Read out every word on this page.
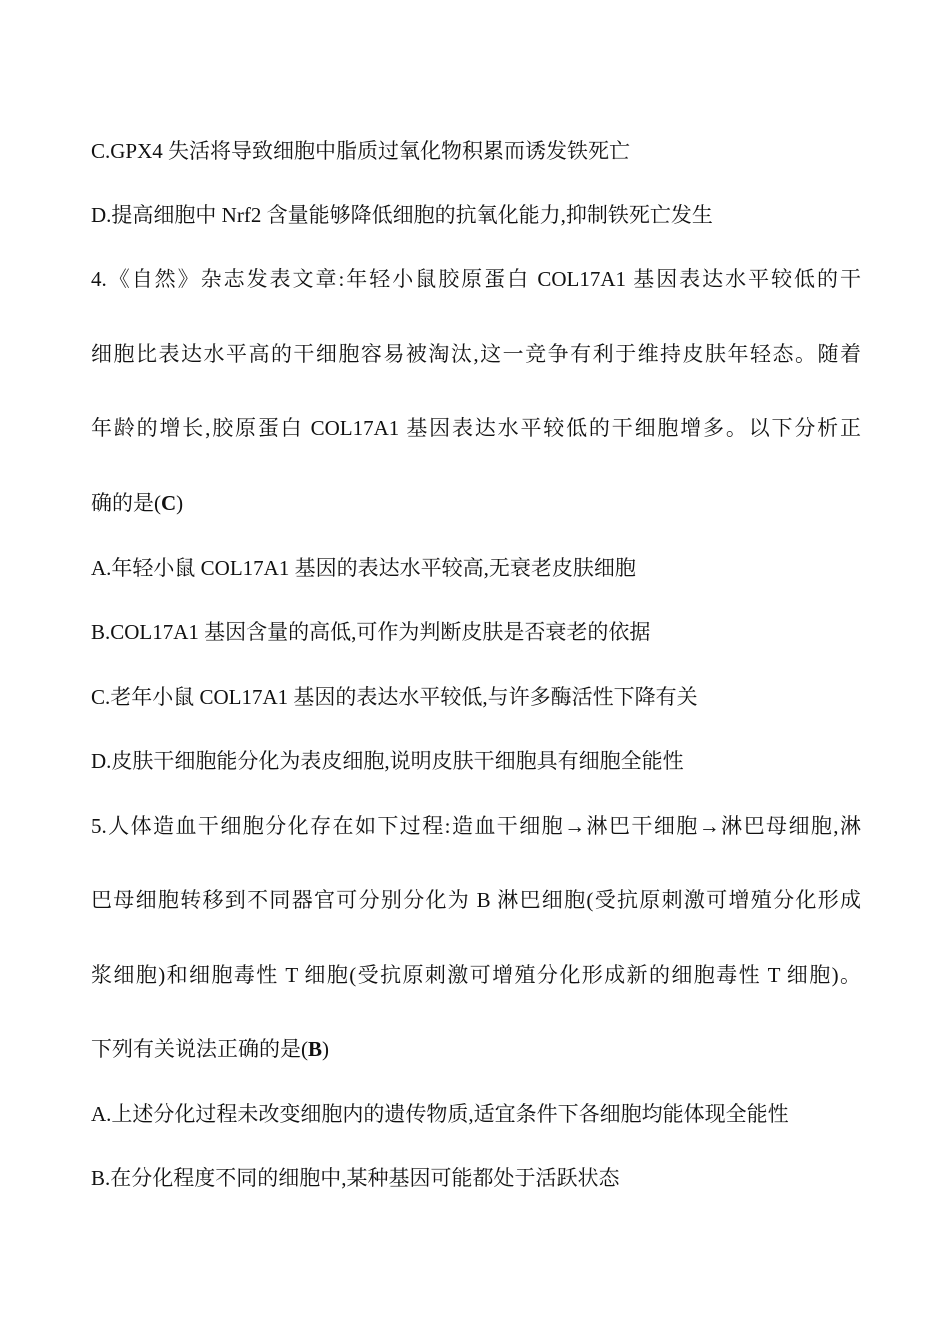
C.GPX4 失活将导致细胞中脂质过氧化物积累而诱发铁死亡
D.提高细胞中 Nrf2 含量能够降低细胞的抗氧化能力,抑制铁死亡发生
4.《自然》杂志发表文章:年轻小鼠胶原蛋白 COL17A1 基因表达水平较低的干
细胞比表达水平高的干细胞容易被淘汰,这一竞争有利于维持皮肤年轻态。随着
年龄的增长,胶原蛋白 COL17A1 基因表达水平较低的干细胞增多。以下分析正
确的是(C)
A.年轻小鼠 COL17A1 基因的表达水平较高,无衰老皮肤细胞
B.COL17A1 基因含量的高低,可作为判断皮肤是否衰老的依据
C.老年小鼠 COL17A1 基因的表达水平较低,与许多酶活性下降有关
D.皮肤干细胞能分化为表皮细胞,说明皮肤干细胞具有细胞全能性
5.人体造血干细胞分化存在如下过程:造血干细胞→淋巴干细胞→淋巴母细胞,淋
巴母细胞转移到不同器官可分别分化为 B 淋巴细胞(受抗原刺激可增殖分化形成
浆细胞)和细胞毒性 T 细胞(受抗原刺激可增殖分化形成新的细胞毒性 T 细胞)。
下列有关说法正确的是(B)
A.上述分化过程未改变细胞内的遗传物质,适宜条件下各细胞均能体现全能性
B.在分化程度不同的细胞中,某种基因可能都处于活跃状态
